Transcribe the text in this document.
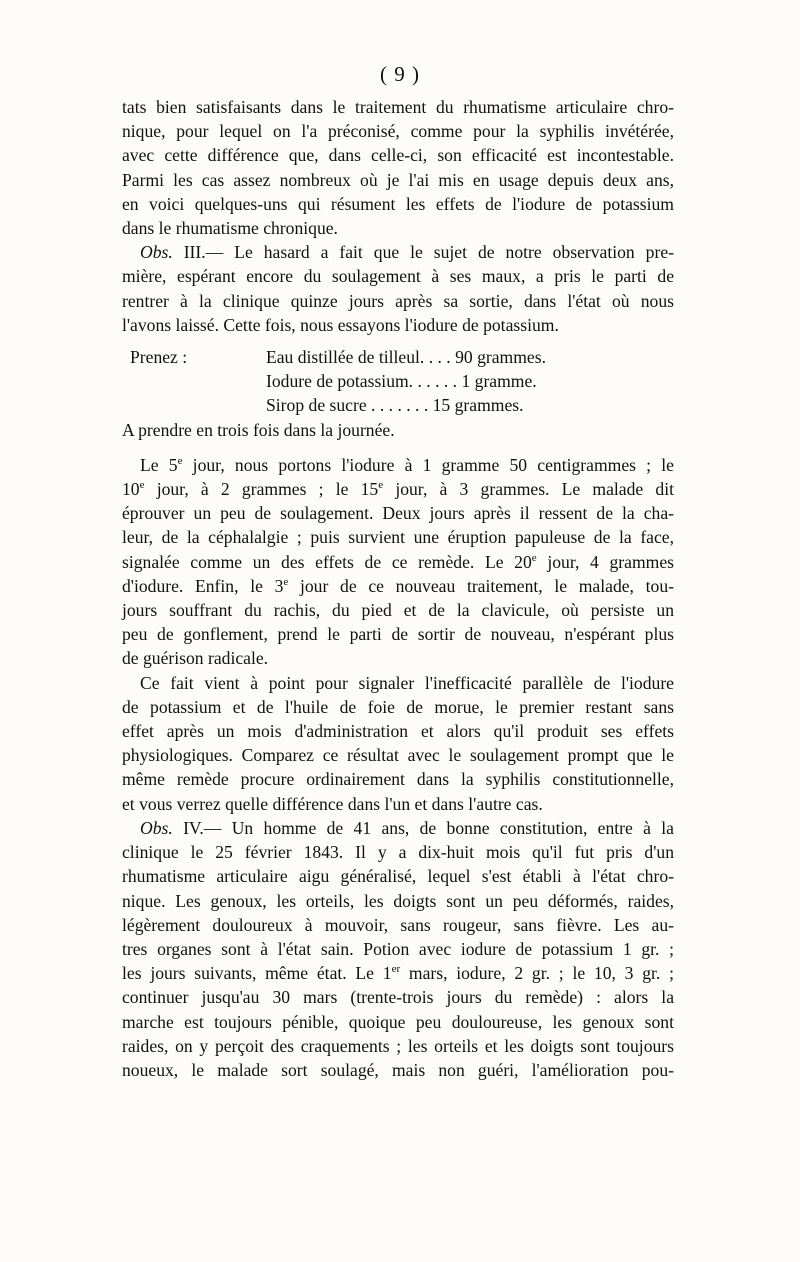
( 9 )
tats bien satisfaisants dans le traitement du rhumatisme articulaire chro-
nique, pour lequel on l'a préconisé, comme pour la syphilis invétérée,
avec cette différence que, dans celle-ci, son efficacité est incontestable.
Parmi les cas assez nombreux où je l'ai mis en usage depuis deux ans,
en voici quelques-uns qui résument les effets de l'iodure de potassium
dans le rhumatisme chronique.
Obs. III.— Le hasard a fait que le sujet de notre observation pre-
mière, espérant encore du soulagement à ses maux, a pris le parti de
rentrer à la clinique quinze jours après sa sortie, dans l'état où nous
l'avons laissé. Cette fois, nous essayons l'iodure de potassium.
Prenez :	Eau distillée de tilleul. . . . 90 grammes.
Iodure de potassium. . . . . . 1 gramme.
Sirop de sucre . . . . . . . 15 grammes.
A prendre en trois fois dans la journée.
Le 5e jour, nous portons l'iodure à 1 gramme 50 centigrammes ; le
10e jour, à 2 grammes ; le 15e jour, à 3 grammes. Le malade dit
éprouver un peu de soulagement. Deux jours après il ressent de la cha-
leur, de la céphalalgie ; puis survient une éruption papuleuse de la face,
signalée comme un des effets de ce remède. Le 20e jour, 4 grammes
d'iodure. Enfin, le 3e jour de ce nouveau traitement, le malade, tou-
jours souffrant du rachis, du pied et de la clavicule, où persiste un
peu de gonflement, prend le parti de sortir de nouveau, n'espérant plus
de guérison radicale.
Ce fait vient à point pour signaler l'inefficacité parallèle de l'iodure
de potassium et de l'huile de foie de morue, le premier restant sans
effet après un mois d'administration et alors qu'il produit ses effets
physiologiques. Comparez ce résultat avec le soulagement prompt que le
même remède procure ordinairement dans la syphilis constitutionnelle,
et vous verrez quelle différence dans l'un et dans l'autre cas.
Obs. IV.— Un homme de 41 ans, de bonne constitution, entre à la
clinique le 25 février 1843. Il y a dix-huit mois qu'il fut pris d'un
rhumatisme articulaire aigu généralisé, lequel s'est établi à l'état chro-
nique. Les genoux, les orteils, les doigts sont un peu déformés, raides,
légèrement douloureux à mouvoir, sans rougeur, sans fièvre. Les au-
tres organes sont à l'état sain. Potion avec iodure de potassium 1 gr. ;
les jours suivants, même état. Le 1er mars, iodure, 2 gr. ; le 10, 3 gr. ;
continuer jusqu'au 30 mars (trente-trois jours du remède) : alors la
marche est toujours pénible, quoique peu douloureuse, les genoux sont
raides, on y perçoit des craquements ; les orteils et les doigts sont toujours
noueux, le malade sort soulagé, mais non guéri, l'amélioration pou-
